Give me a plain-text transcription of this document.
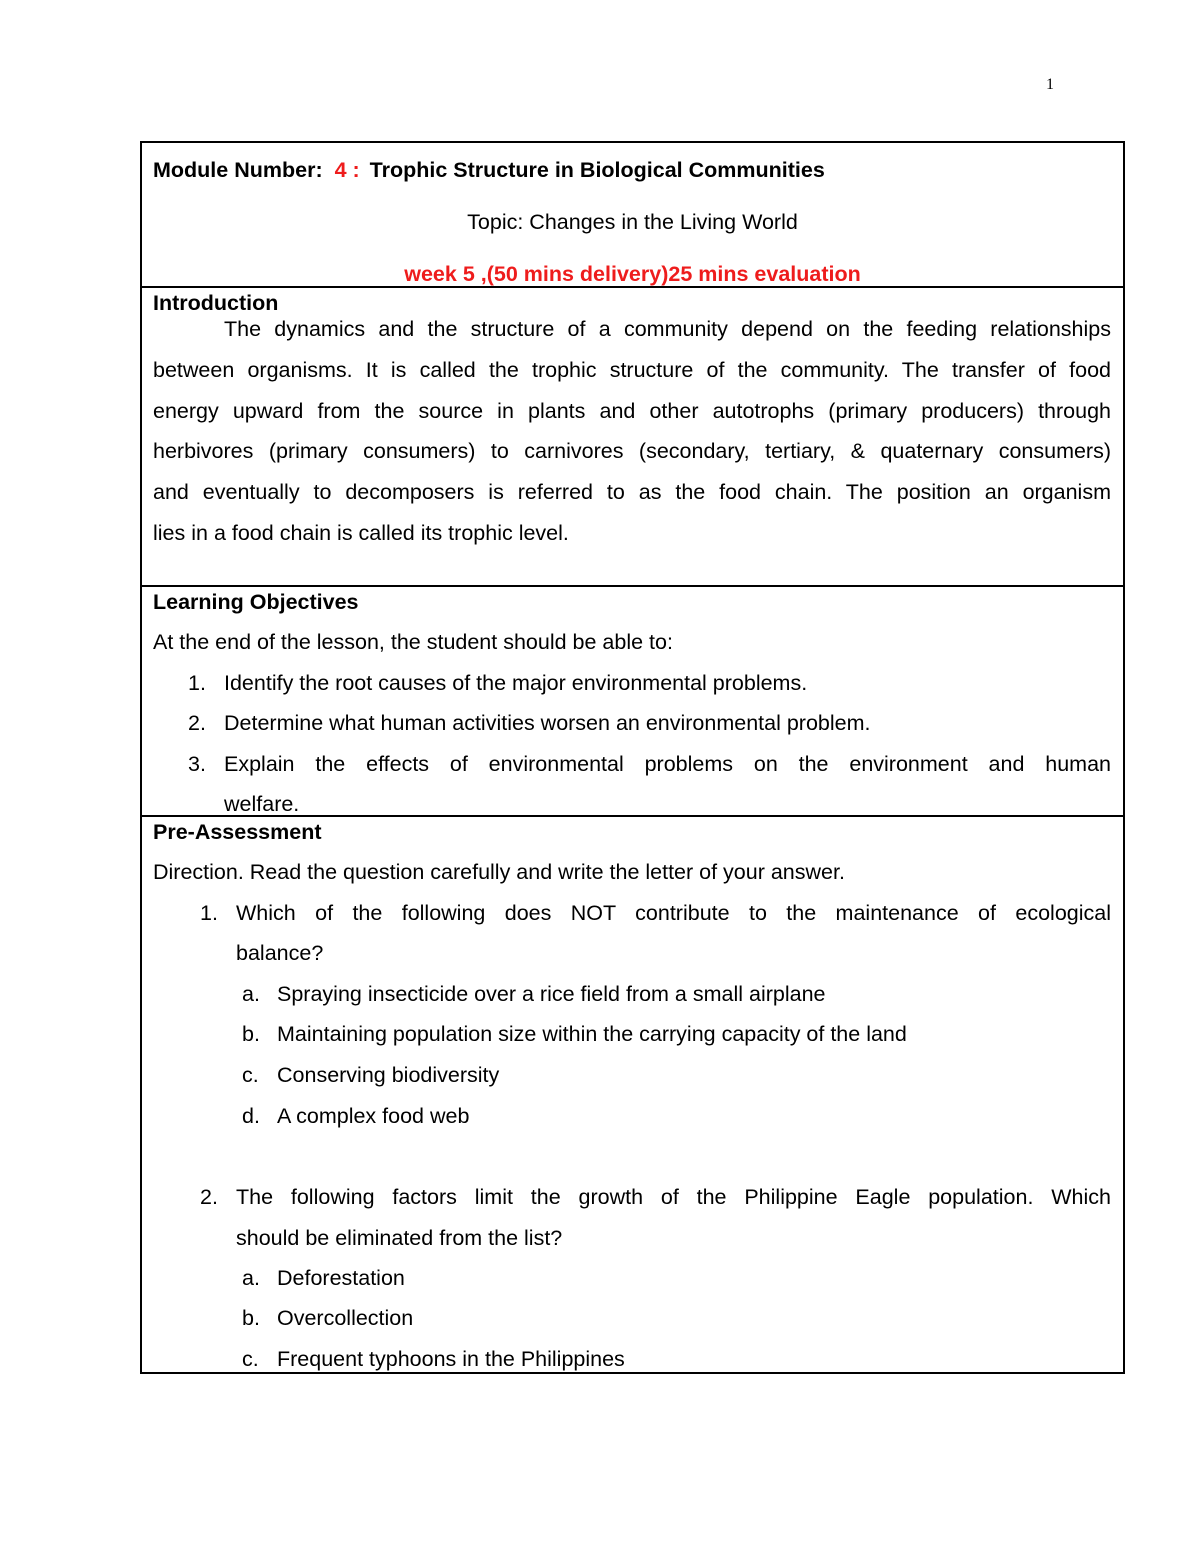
1
Module Number: 4 : Trophic Structure in Biological Communities
Topic: Changes in the Living World
week 5 ,(50 mins delivery)25 mins evaluation
Introduction
The dynamics and the structure of a community depend on the feeding relationships
between organisms. It is called the trophic structure of the community. The transfer of food
energy upward from the source in plants and other autotrophs (primary producers) through
herbivores (primary consumers) to carnivores (secondary, tertiary, & quaternary consumers)
and eventually to decomposers is referred to as the food chain. The position an organism
lies in a food chain is called its trophic level.
Learning Objectives
At the end of the lesson, the student should be able to:
1. Identify the root causes of the major environmental problems.
2. Determine what human activities worsen an environmental problem.
3. Explain the effects of environmental problems on the environment and human
welfare.
Pre-Assessment
Direction. Read the question carefully and write the letter of your answer.
1. Which of the following does NOT contribute to the maintenance of ecological
balance?
a. Spraying insecticide over a rice field from a small airplane
b. Maintaining population size within the carrying capacity of the land
c. Conserving biodiversity
d. A complex food web
2. The following factors limit the growth of the Philippine Eagle population. Which
should be eliminated from the list?
a. Deforestation
b. Overcollection
c. Frequent typhoons in the Philippines
